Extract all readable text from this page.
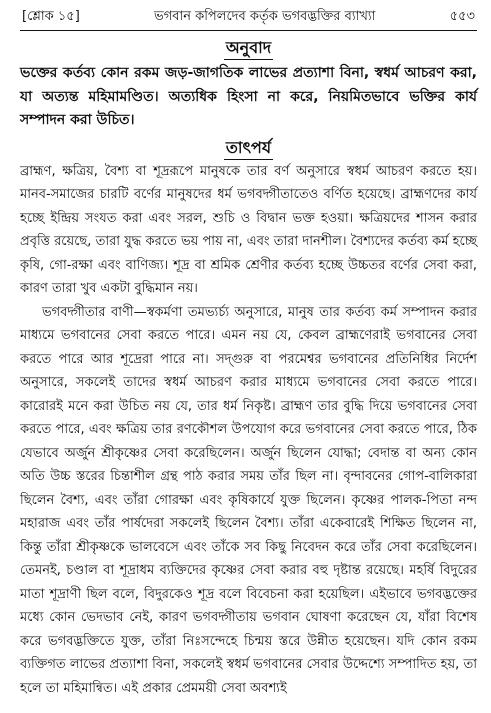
[শ্লোক ১৫]	ভগবান কপিলদেব কর্তৃক ভগবদ্ভক্তির ব্যাখ্যা	৫৫৩
অনুবাদ
ভক্তের কর্তব্য কোন রকম জড়-জাগতিক লাভের প্রত্যাশা বিনা, স্বধর্ম আচরণ করা, যা অত্যন্ত মহিমামণ্ডিত। অত্যধিক হিংসা না করে, নিয়মিতভাবে ভক্তির কার্য সম্পাদন করা উচিত।
তাৎপর্য

ব্রাহ্মণ, ক্ষত্রিয়, বৈশ্য বা শূদ্ররূপে মানুষকে তার বর্ণ অনুসারে স্বধর্ম আচরণ করতে হয়। মানব-সমাজের চারটি বর্ণের মানুষদের ধর্ম ভগবদ্গীতাতেও বর্ণিত হয়েছে। ব্রাহ্মণদের কার্য হচ্ছে ইন্দ্রিয় সংযত করা এবং সরল, শুচি ও বিদ্বান ভক্ত হওয়া। ক্ষত্রিয়দের শাসন করার প্রবৃত্তি রয়েছে, তারা যুদ্ধ করতে ভয় পায় না, এবং তারা দানশীল। বৈশ্যদের কর্তব্য কর্ম হচ্ছে কৃষি, গো-রক্ষা এবং বাণিজ্য। শূদ্র বা শ্রমিক শ্রেণীর কর্তব্য হচ্ছে উচ্চতর বর্ণের সেবা করা, কারণ তারা খুব একটা বুদ্ধিমান নয়।

ভগবদ্গীতার বাণী—স্বকর্মণা তমভ্যর্চ্য অনুসারে, মানুষ তার কর্তব্য কর্ম সম্পাদন করার মাধ্যমে ভগবানের সেবা করতে পারে। এমন নয় যে, কেবল ব্রাহ্মণেরাই ভগবানের সেবা করতে পারে আর শূদ্রেরা পারে না। সদ্গুরু বা পরমেশ্বর ভগবানের প্রতিনিধির নির্দেশ অনুসারে, সকলেই তাদের স্বধর্ম আচরণ করার মাধ্যমে ভগবানের সেবা করতে পারে। কারোরই মনে করা উচিত নয় যে, তার ধর্ম নিকৃষ্ট। ব্রাহ্মণ তার বুদ্ধি দিয়ে ভগবানের সেবা করতে পারে, এবং ক্ষত্রিয় তার রণকৌশল উপযোগ করে ভগবানের সেবা করতে পারে, ঠিক যেভাবে অর্জুন শ্রীকৃষ্ণের সেবা করেছিলেন। অর্জুন ছিলেন যোদ্ধা; বেদান্ত বা অন্য কোন অতি উচ্চ স্তরের চিন্তাশীল গ্রন্থ পাঠ করার সময় তাঁর ছিল না। বৃন্দাবনের গোপ-বালিকারা ছিলেন বৈশ্য, এবং তাঁরা গোরক্ষা এবং কৃষিকার্যে যুক্ত ছিলেন। কৃষ্ণের পালক-পিতা নন্দ মহারাজ এবং তাঁর পার্ষদেরা সকলেই ছিলেন বৈশ্য। তাঁরা একেবারেই শিক্ষিত ছিলেন না, কিন্তু তাঁরা শ্রীকৃষ্ণকে ভালবেসে এবং তাঁকে সব কিছু নিবেদন করে তাঁর সেবা করেছিলেন। তেমনই, চণ্ডাল বা শূদ্রাধম ব্যক্তিদের কৃষ্ণের সেবা করার বহু দৃষ্টান্ত রয়েছে। মহর্ষি বিদুরের মাতা শূদ্রাণী ছিল বলে, বিদুরকেও শূদ্র বলে বিবেচনা করা হয়েছিল। এইভাবে ভগবদ্ভক্তের মধ্যে কোন ভেদভাব নেই, কারণ ভগবদ্গীতায় ভগবান ঘোষণা করেছেন যে, যাঁরা বিশেষ করে ভগবদ্ভক্তিতে যুক্ত, তাঁরা নিঃসন্দেহে চিন্ময় স্তরে উন্নীত হয়েছেন। যদি কোন রকম ব্যক্তিগত লাভের প্রত্যাশা বিনা, সকলেই স্বধর্ম ভগবানের সেবার উদ্দেশ্যে সম্পাদিত হয়, তা হলে তা মহিমান্বিত। এই প্রকার প্রেমময়ী সেবা অবশ্যই
